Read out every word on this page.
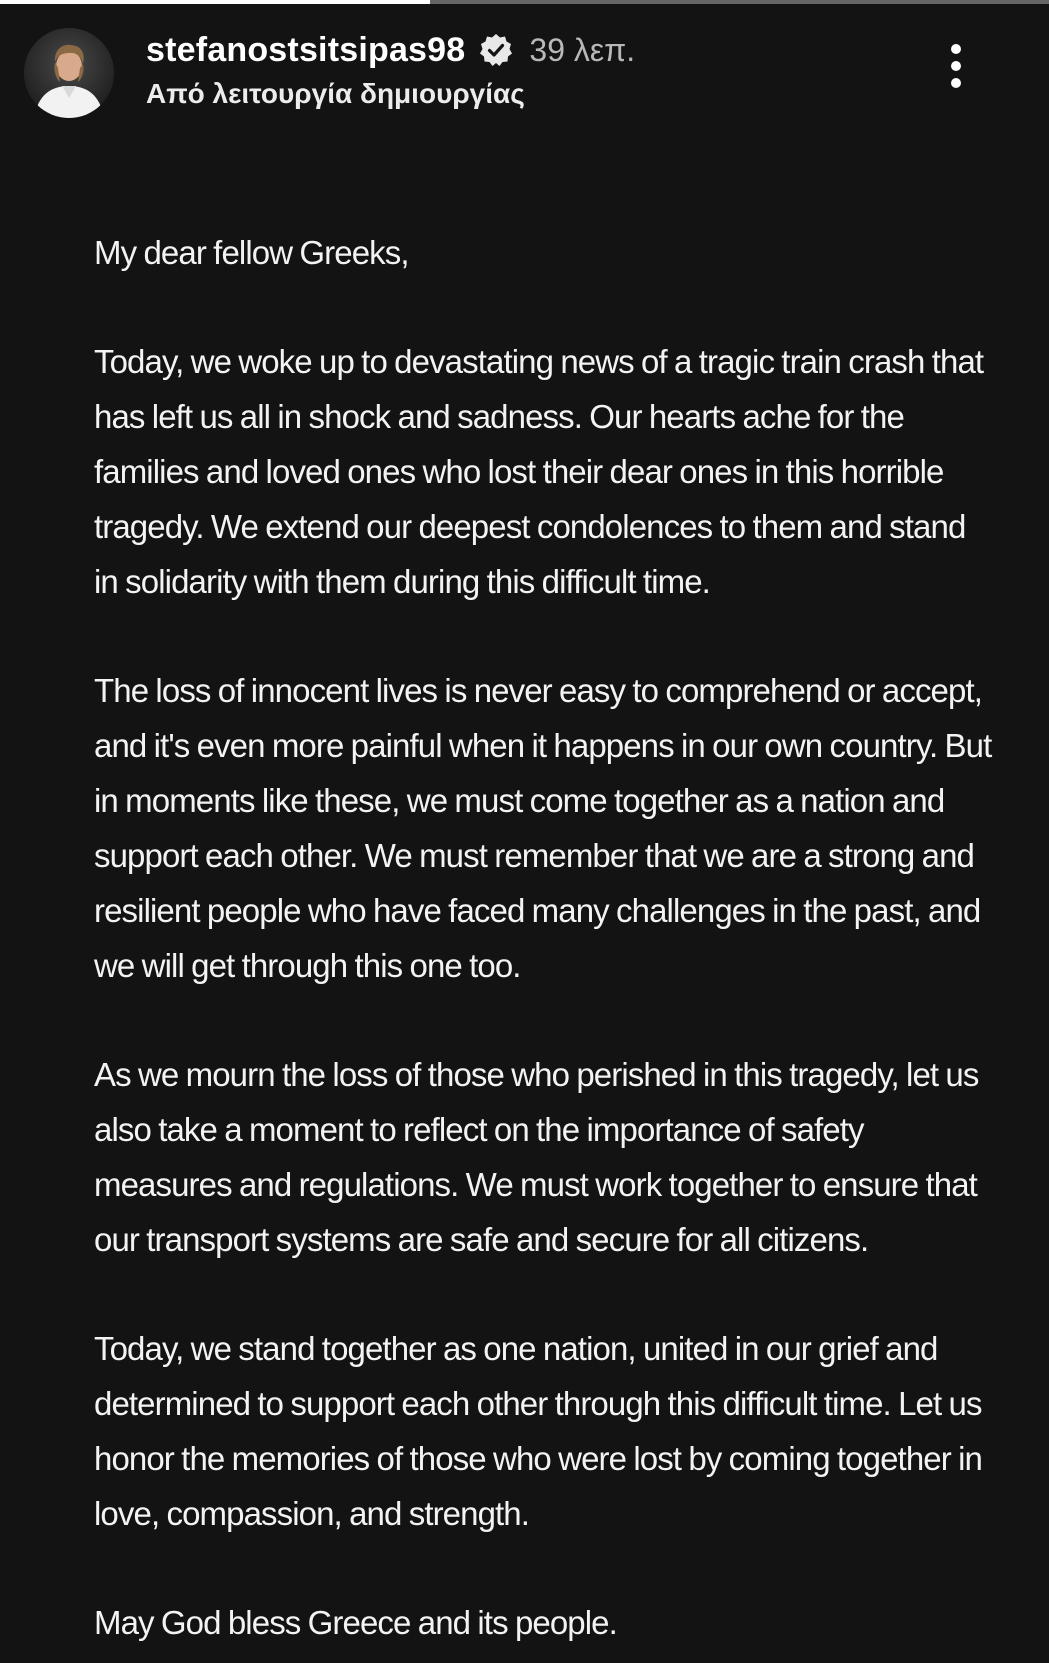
stefanostsitsipas98 39 λεπ.
Από λειτουργία δημιουργίας

My dear fellow Greeks,

Today, we woke up to devastating news of a tragic train crash that has left us all in shock and sadness. Our hearts ache for the families and loved ones who lost their dear ones in this horrible tragedy. We extend our deepest condolences to them and stand in solidarity with them during this difficult time.

The loss of innocent lives is never easy to comprehend or accept, and it's even more painful when it happens in our own country. But in moments like these, we must come together as a nation and support each other. We must remember that we are a strong and resilient people who have faced many challenges in the past, and we will get through this one too.

As we mourn the loss of those who perished in this tragedy, let us also take a moment to reflect on the importance of safety measures and regulations. We must work together to ensure that our transport systems are safe and secure for all citizens.

Today, we stand together as one nation, united in our grief and determined to support each other through this difficult time. Let us honor the memories of those who were lost by coming together in love, compassion, and strength.

May God bless Greece and its people.
